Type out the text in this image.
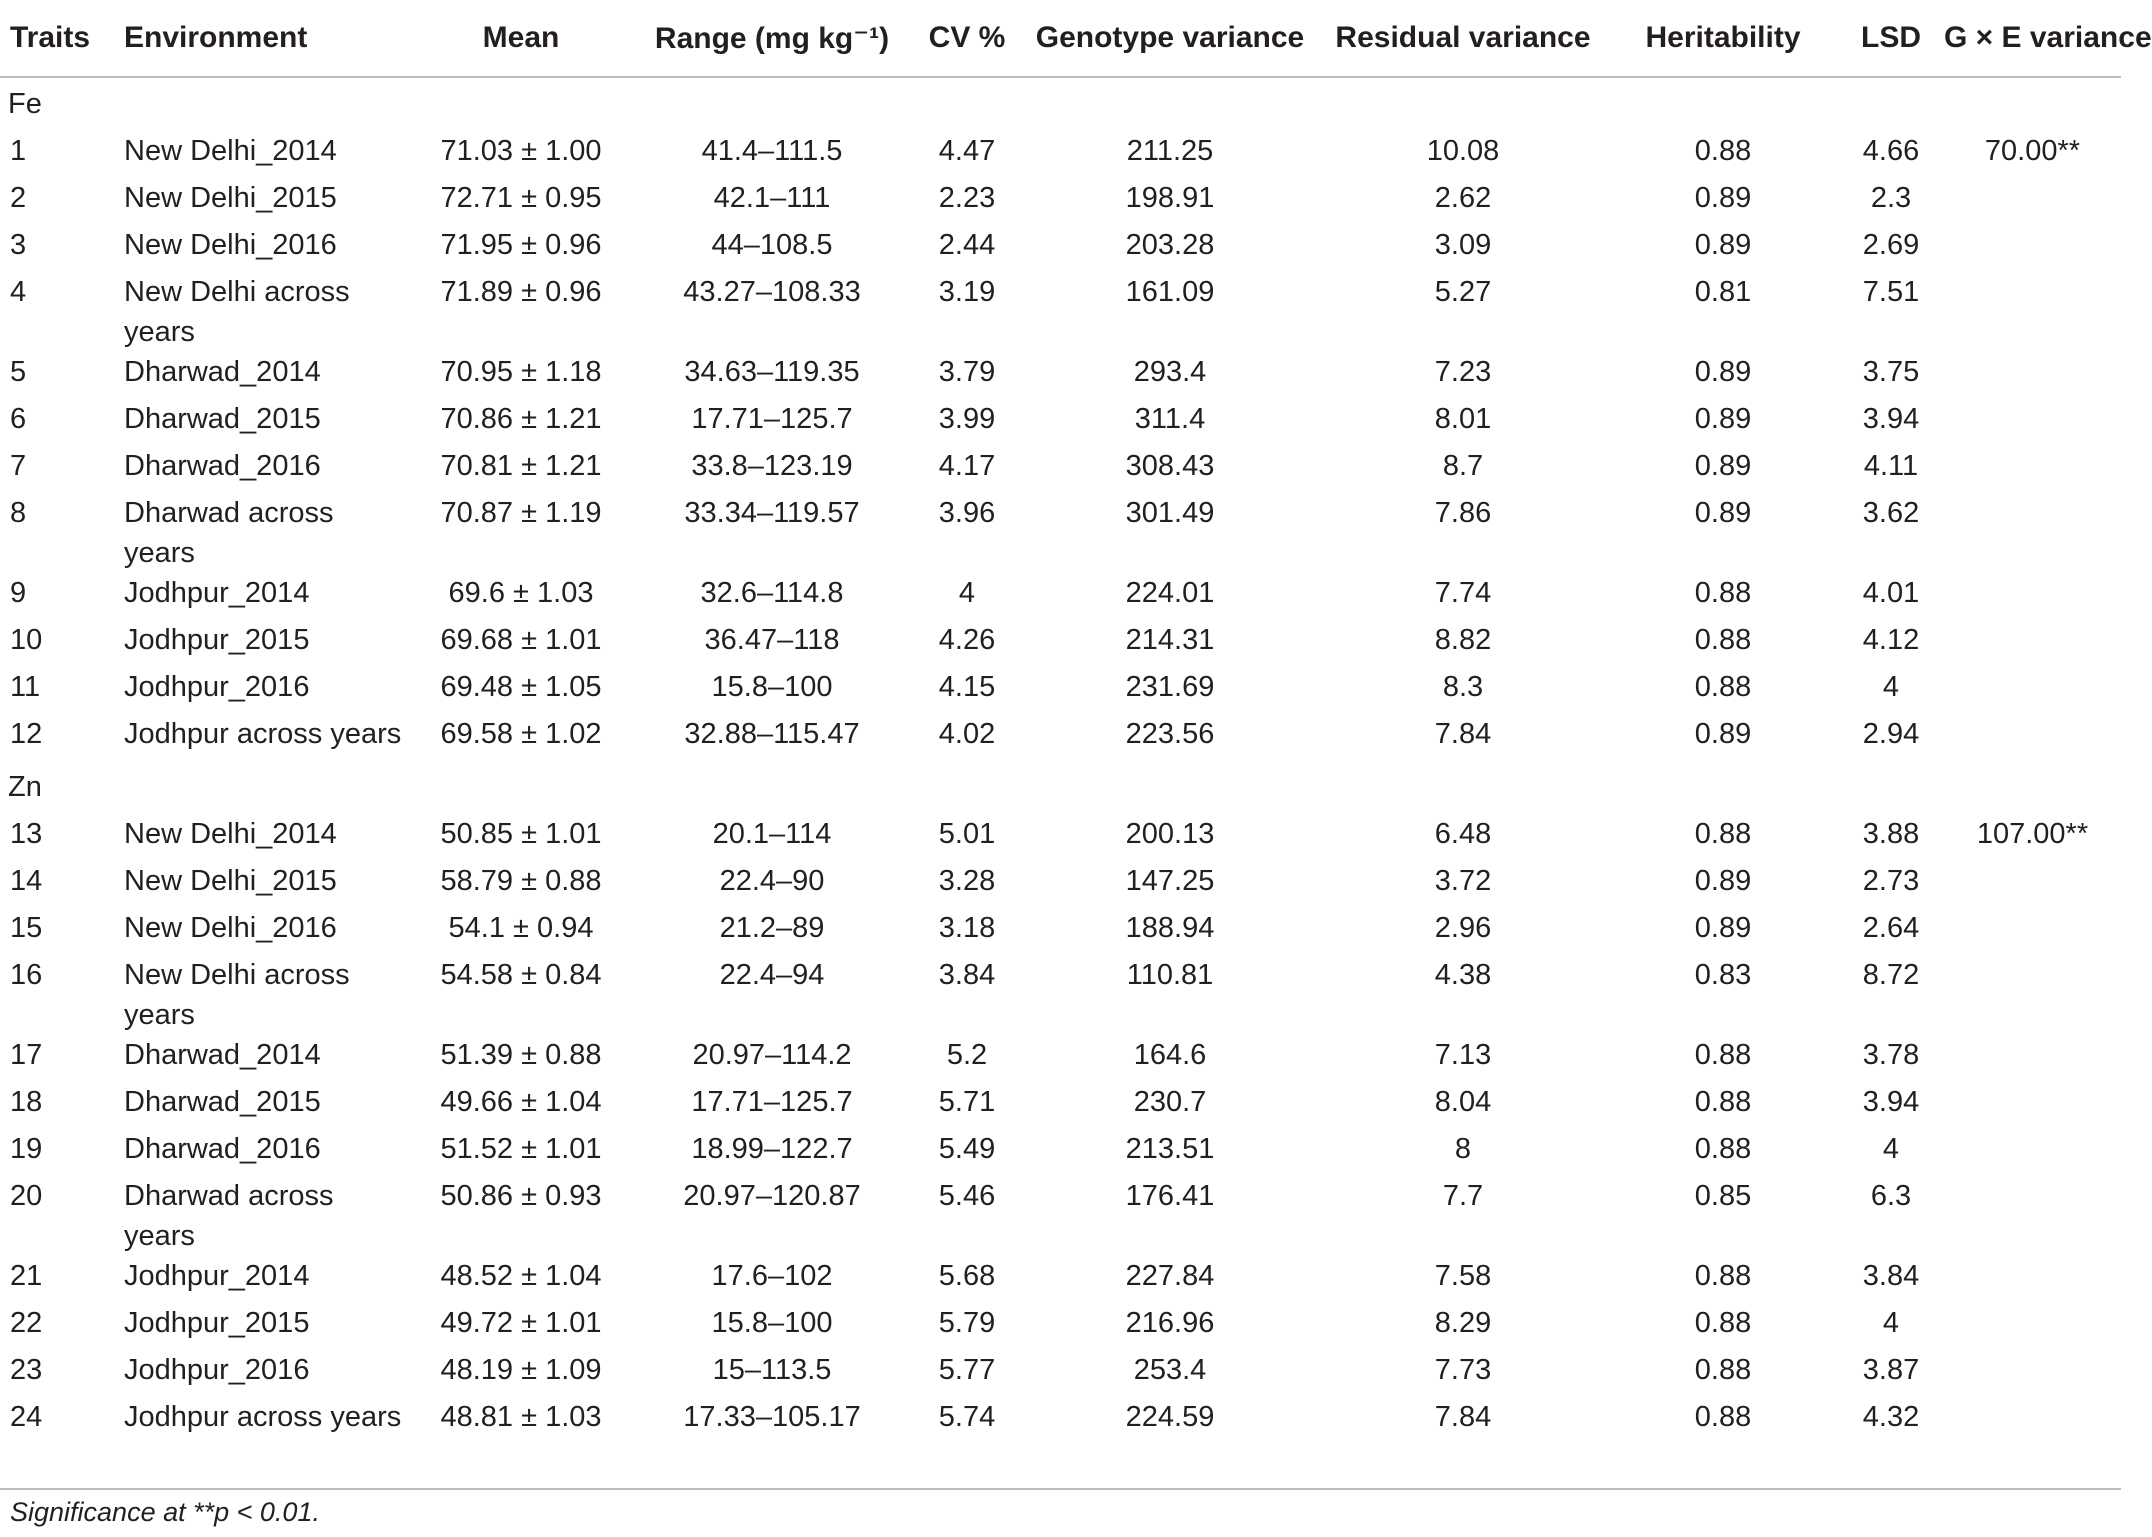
Traits	Environment	Mean	Range (mg kg⁻¹)	CV %	Genotype variance	Residual variance	Heritability	LSD	G × E variance
Fe									
1	New Delhi_2014	71.03 ± 1.00	41.4–111.5	4.47	211.25	10.08	0.88	4.66	70.00**
2	New Delhi_2015	72.71 ± 0.95	42.1–111	2.23	198.91	2.62	0.89	2.3	
3	New Delhi_2016	71.95 ± 0.96	44–108.5	2.44	203.28	3.09	0.89	2.69	
4	New Delhi across years	71.89 ± 0.96	43.27–108.33	3.19	161.09	5.27	0.81	7.51	
5	Dharwad_2014	70.95 ± 1.18	34.63–119.35	3.79	293.4	7.23	0.89	3.75	
6	Dharwad_2015	70.86 ± 1.21	17.71–125.7	3.99	311.4	8.01	0.89	3.94	
7	Dharwad_2016	70.81 ± 1.21	33.8–123.19	4.17	308.43	8.7	0.89	4.11	
8	Dharwad across years	70.87 ± 1.19	33.34–119.57	3.96	301.49	7.86	0.89	3.62	
9	Jodhpur_2014	69.6 ± 1.03	32.6–114.8	4	224.01	7.74	0.88	4.01	
10	Jodhpur_2015	69.68 ± 1.01	36.47–118	4.26	214.31	8.82	0.88	4.12	
11	Jodhpur_2016	69.48 ± 1.05	15.8–100	4.15	231.69	8.3	0.88	4	
12	Jodhpur across years	69.58 ± 1.02	32.88–115.47	4.02	223.56	7.84	0.89	2.94	
Zn									
13	New Delhi_2014	50.85 ± 1.01	20.1–114	5.01	200.13	6.48	0.88	3.88	107.00**
14	New Delhi_2015	58.79 ± 0.88	22.4–90	3.28	147.25	3.72	0.89	2.73	
15	New Delhi_2016	54.1 ± 0.94	21.2–89	3.18	188.94	2.96	0.89	2.64	
16	New Delhi across years	54.58 ± 0.84	22.4–94	3.84	110.81	4.38	0.83	8.72	
17	Dharwad_2014	51.39 ± 0.88	20.97–114.2	5.2	164.6	7.13	0.88	3.78	
18	Dharwad_2015	49.66 ± 1.04	17.71–125.7	5.71	230.7	8.04	0.88	3.94	
19	Dharwad_2016	51.52 ± 1.01	18.99–122.7	5.49	213.51	8	0.88	4	
20	Dharwad across years	50.86 ± 0.93	20.97–120.87	5.46	176.41	7.7	0.85	6.3	
21	Jodhpur_2014	48.52 ± 1.04	17.6–102	5.68	227.84	7.58	0.88	3.84	
22	Jodhpur_2015	49.72 ± 1.01	15.8–100	5.79	216.96	8.29	0.88	4	
23	Jodhpur_2016	48.19 ± 1.09	15–113.5	5.77	253.4	7.73	0.88	3.87	
24	Jodhpur across years	48.81 ± 1.03	17.33–105.17	5.74	224.59	7.84	0.88	4.32	
Significance at **p < 0.01.
